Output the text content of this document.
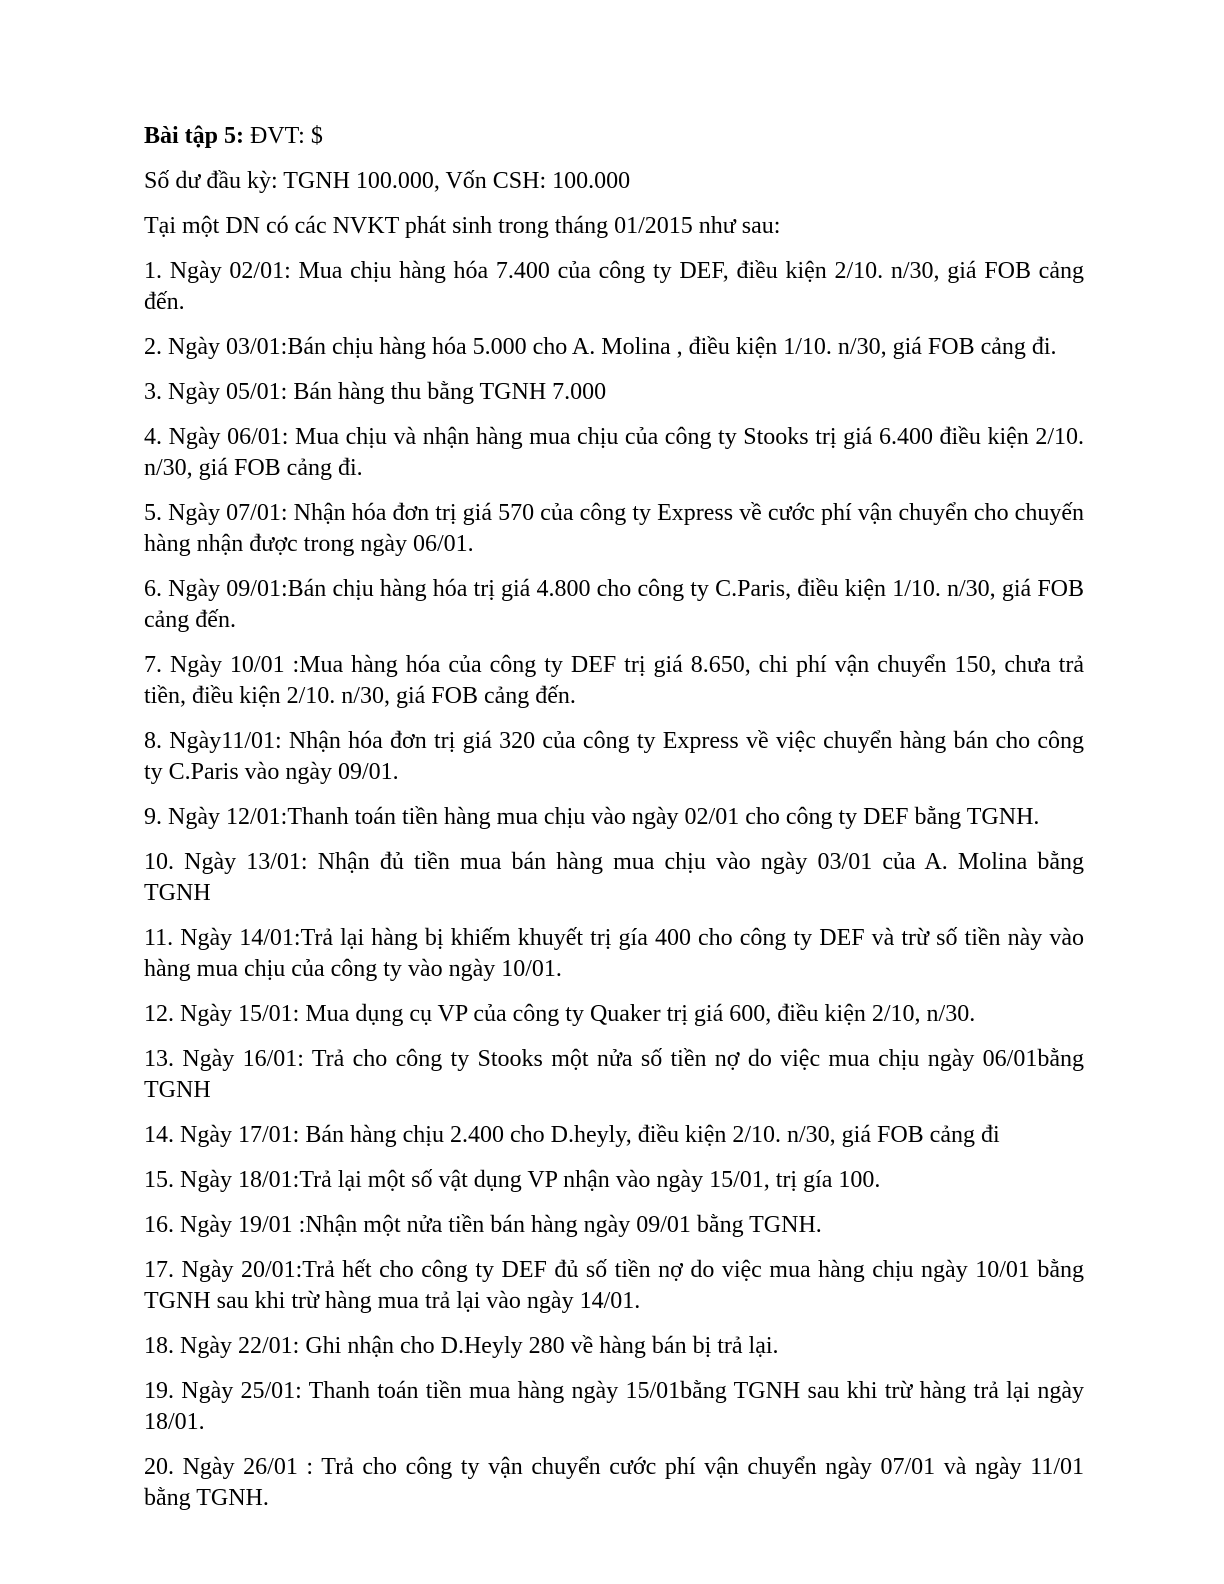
Bài tập 5: ĐVT: $

Số dư đầu kỳ: TGNH 100.000, Vốn CSH: 100.000

Tại một DN có các NVKT phát sinh trong tháng 01/2015 như sau:

1. Ngày 02/01: Mua chịu hàng hóa 7.400 của công ty DEF, điều kiện 2/10. n/30, giá FOB cảng đến.

2. Ngày 03/01:Bán chịu hàng hóa 5.000 cho A. Molina , điều kiện 1/10. n/30, giá FOB cảng đi.

3. Ngày 05/01: Bán hàng thu bằng TGNH 7.000

4. Ngày 06/01: Mua chịu và nhận hàng mua chịu của công ty Stooks trị giá 6.400 điều kiện 2/10. n/30, giá FOB cảng đi.

5. Ngày 07/01: Nhận hóa đơn trị giá 570 của công ty Express về cước phí vận chuyển cho chuyến hàng nhận được trong ngày 06/01.

6. Ngày 09/01:Bán chịu hàng hóa trị giá 4.800 cho công ty C.Paris, điều kiện 1/10. n/30, giá FOB cảng đến.

7. Ngày 10/01 :Mua hàng hóa của công ty DEF trị giá 8.650, chi phí vận chuyển 150, chưa trả tiền, điều kiện 2/10. n/30, giá FOB cảng đến.

8. Ngày11/01: Nhận hóa đơn trị giá 320 của công ty Express về việc chuyển hàng bán cho công ty C.Paris vào ngày 09/01.

9. Ngày 12/01:Thanh toán tiền hàng mua chịu vào ngày 02/01 cho công ty DEF bằng TGNH.

10. Ngày 13/01: Nhận đủ tiền mua bán hàng mua chịu vào ngày 03/01 của A. Molina bằng TGNH

11. Ngày 14/01:Trả lại hàng bị khiếm khuyết trị gía 400 cho công ty DEF và trừ số tiền này vào hàng mua chịu của công ty vào ngày 10/01.

12. Ngày 15/01: Mua dụng cụ VP của công ty Quaker trị giá 600, điều kiện 2/10, n/30.

13. Ngày 16/01: Trả cho công ty Stooks một nửa số tiền nợ do việc mua chịu ngày 06/01bằng TGNH

14. Ngày 17/01: Bán hàng chịu 2.400 cho D.heyly, điều kiện 2/10. n/30, giá FOB cảng đi

15. Ngày 18/01:Trả lại một số vật dụng VP nhận vào ngày 15/01, trị gía 100.

16. Ngày 19/01 :Nhận một nửa tiền bán hàng ngày 09/01 bằng TGNH.

17. Ngày 20/01:Trả hết cho công ty DEF đủ số tiền nợ do việc mua hàng chịu ngày 10/01 bằng TGNH sau khi trừ hàng mua trả lại vào ngày 14/01.

18. Ngày 22/01: Ghi nhận cho D.Heyly 280 về hàng bán bị trả lại.

19. Ngày 25/01: Thanh toán tiền mua hàng ngày 15/01bằng TGNH sau khi trừ hàng trả lại ngày 18/01.

20. Ngày 26/01 : Trả cho công ty vận chuyển cước phí vận chuyển ngày 07/01 và ngày 11/01 bằng TGNH.
